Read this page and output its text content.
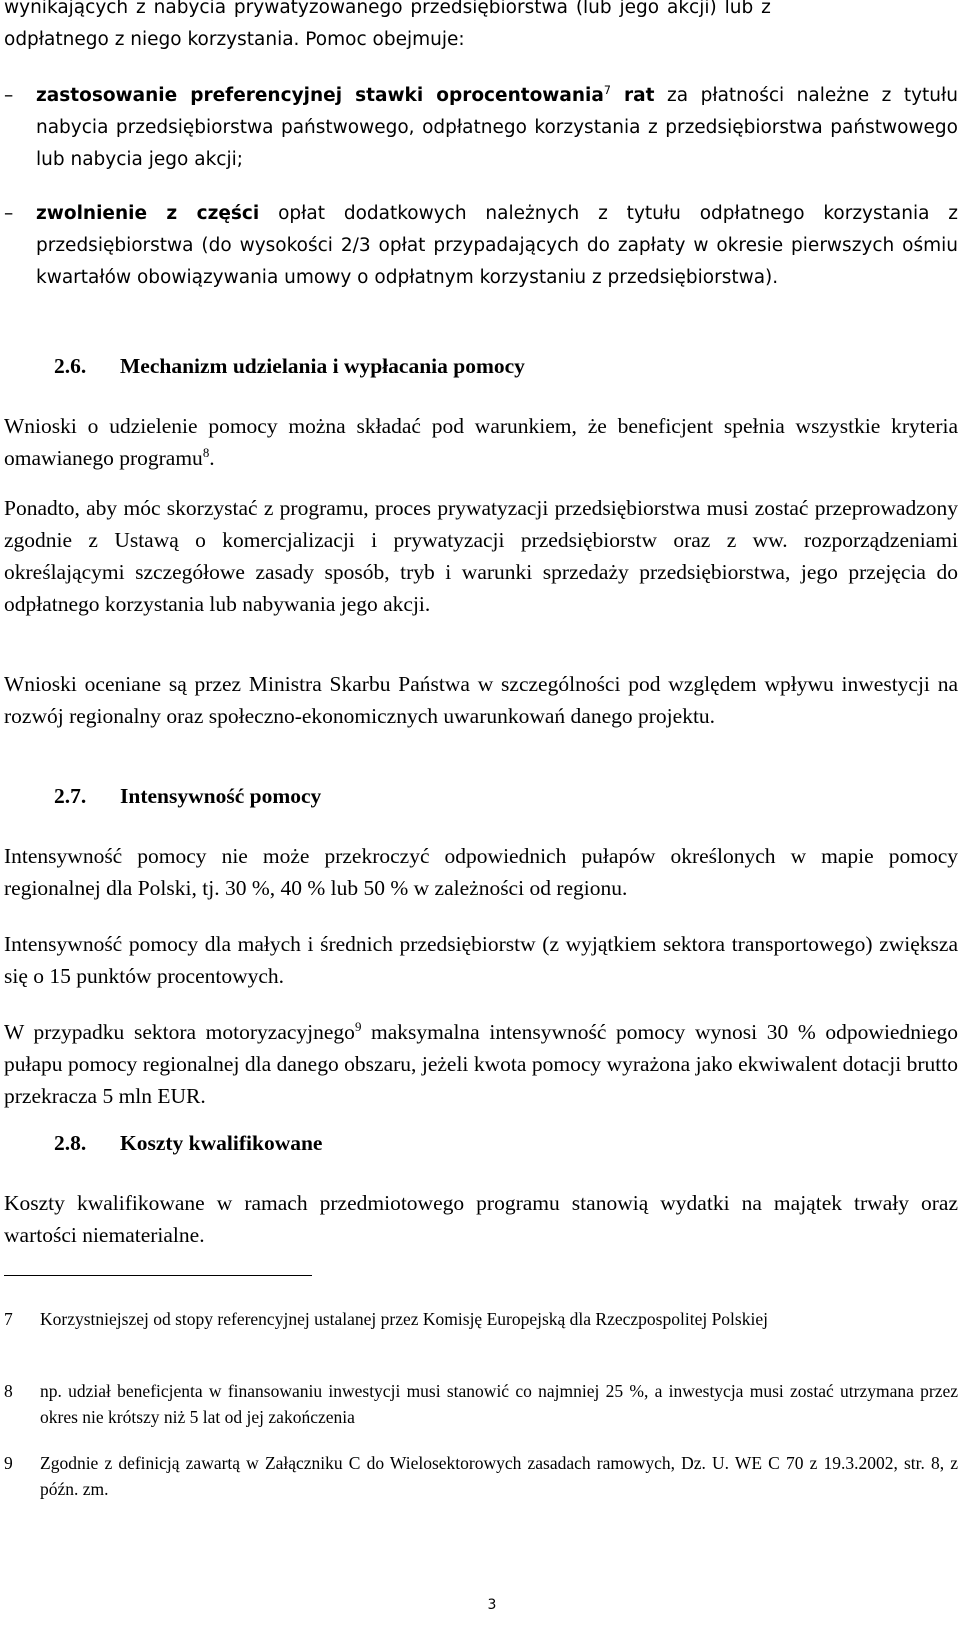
wynikających z nabycia prywatyzowanego przedsiębiorstwa (lub jego akcji) lub z
odpłatnego z niego korzystania. Pomoc obejmuje:
–	zastosowanie preferencyjnej stawki oprocentowania$^7$ rat za płatności należne z tytułu nabycia przedsiębiorstwa państwowego, odpłatnego korzystania z przedsiębiorstwa państwowego lub nabycia jego akcji;
–	zwolnienie z części opłat dodatkowych należnych z tytułu odpłatnego korzystania z przedsiębiorstwa (do wysokości 2/3 opłat przypadających do zapłaty w okresie pierwszych ośmiu kwartałów obowiązywania umowy o odpłatnym korzystaniu z przedsiębiorstwa).
2.6. Mechanizm udzielania i wypłacania pomocy
Wnioski o udzielenie pomocy można składać pod warunkiem, że beneficjent spełnia wszystkie kryteria omawianego programu$^8$.
Ponadto, aby móc skorzystać z programu, proces prywatyzacji przedsiębiorstwa musi zostać przeprowadzony zgodnie z Ustawą o komercjalizacji i prywatyzacji przedsiębiorstw oraz z ww. rozporządzeniami określającymi szczegółowe zasady sposób, tryb i warunki sprzedaży przedsiębiorstwa, jego przejęcia do odpłatnego korzystania lub nabywania jego akcji.
Wnioski oceniane są przez Ministra Skarbu Państwa w szczególności pod względem wpływu inwestycji na rozwój regionalny oraz społeczno-ekonomicznych uwarunkowań danego projektu.
2.7. Intensywność pomocy
Intensywność pomocy nie może przekroczyć odpowiednich pułapów określonych w mapie pomocy regionalnej dla Polski, tj. 30 %, 40 % lub 50 % w zależności od regionu.
Intensywność pomocy dla małych i średnich przedsiębiorstw (z wyjątkiem sektora transportowego) zwiększa się o 15 punktów procentowych.
W przypadku sektora motoryzacyjnego$^9$ maksymalna intensywność pomocy wynosi 30 % odpowiedniego pułapu pomocy regionalnej dla danego obszaru, jeżeli kwota pomocy wyrażona jako ekwiwalent dotacji brutto przekracza 5 mln EUR.
2.8. Koszty kwalifikowane
Koszty kwalifikowane w ramach przedmiotowego programu stanowią wydatki na majątek trwały oraz wartości niematerialne.
7 Korzystniejszej od stopy referencyjnej ustalanej przez Komisję Europejską dla Rzeczpospolitej Polskiej
8 np. udział beneficjenta w finansowaniu inwestycji musi stanowić co najmniej 25 %, a inwestycja musi zostać utrzymana przez okres nie krótszy niż 5 lat od jej zakończenia
9 Zgodnie z definicją zawartą w Załączniku C do Wielosektorowych zasadach ramowych, Dz. U. WE C 70 z 19.3.2002, str. 8, z późn. zm.
3
